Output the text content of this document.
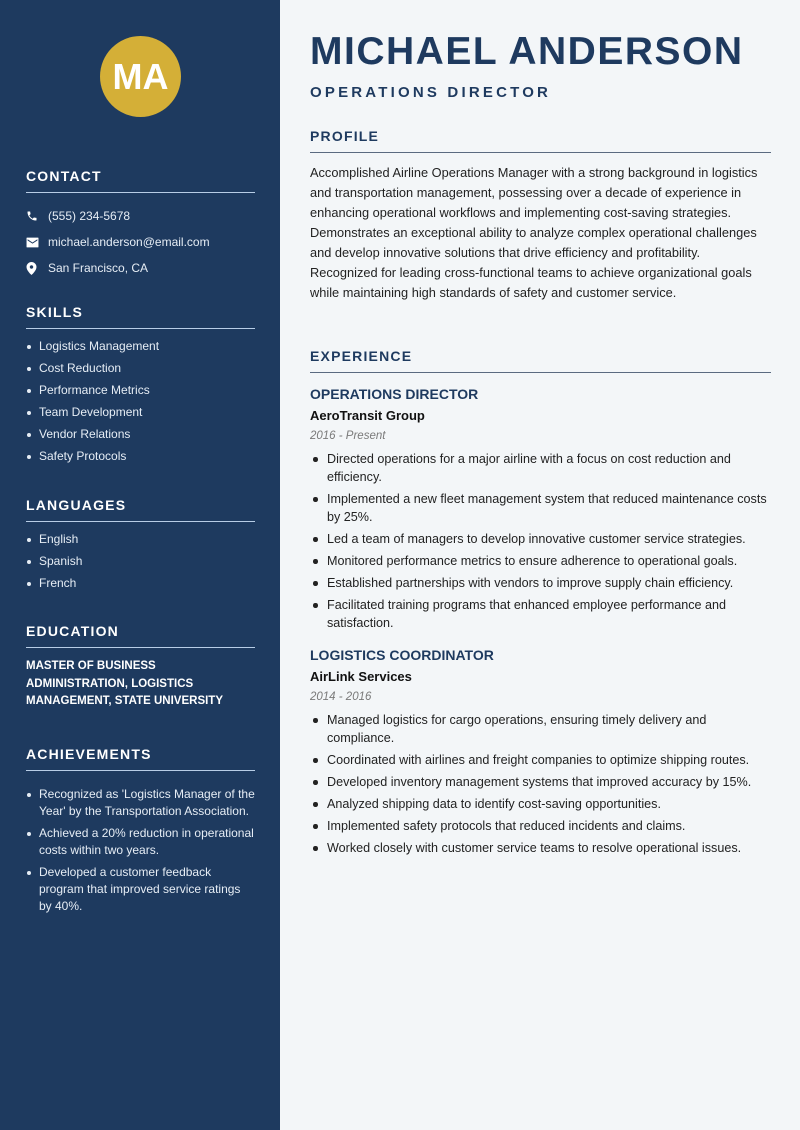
MA
CONTACT
(555) 234-5678
michael.anderson@email.com
San Francisco, CA
SKILLS
Logistics Management
Cost Reduction
Performance Metrics
Team Development
Vendor Relations
Safety Protocols
LANGUAGES
English
Spanish
French
EDUCATION

MASTER OF BUSINESS ADMINISTRATION, LOGISTICS MANAGEMENT, STATE UNIVERSITY

ACHIEVEMENTS
Recognized as 'Logistics Manager of the Year' by the Transportation Association.
Achieved a 20% reduction in operational costs within two years.
Developed a customer feedback program that improved service ratings by 40%.
MICHAEL ANDERSON
OPERATIONS DIRECTOR
PROFILE

Accomplished Airline Operations Manager with a strong background in logistics and transportation management, possessing over a decade of experience in enhancing operational workflows and implementing cost-saving strategies. Demonstrates an exceptional ability to analyze complex operational challenges and develop innovative solutions that drive efficiency and profitability. Recognized for leading cross-functional teams to achieve organizational goals while maintaining high standards of safety and customer service.

EXPERIENCE
OPERATIONS DIRECTOR
AeroTransit Group
2016 - Present
Directed operations for a major airline with a focus on cost reduction and efficiency.
Implemented a new fleet management system that reduced maintenance costs by 25%.
Led a team of managers to develop innovative customer service strategies.
Monitored performance metrics to ensure adherence to operational goals.
Established partnerships with vendors to improve supply chain efficiency.
Facilitated training programs that enhanced employee performance and satisfaction.
LOGISTICS COORDINATOR
AirLink Services
2014 - 2016
Managed logistics for cargo operations, ensuring timely delivery and compliance.
Coordinated with airlines and freight companies to optimize shipping routes.
Developed inventory management systems that improved accuracy by 15%.
Analyzed shipping data to identify cost-saving opportunities.
Implemented safety protocols that reduced incidents and claims.
Worked closely with customer service teams to resolve operational issues.
